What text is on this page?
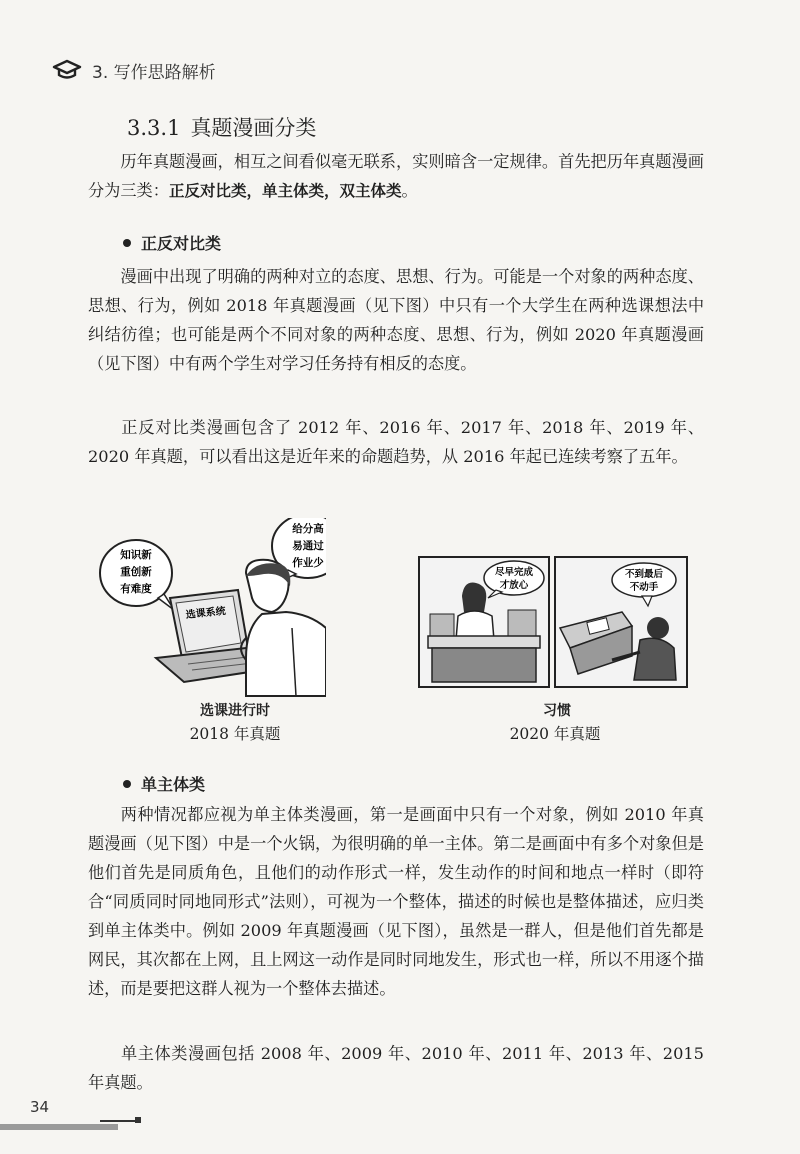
3. 写作思路解析
3.3.1 真题漫画分类

历年真题漫画，相互之间看似毫无联系，实则暗含一定规律。首先把历年真题漫画分为三类：正反对比类，单主体类，双主体类。

正反对比类

漫画中出现了明确的两种对立的态度、思想、行为。可能是一个对象的两种态度、思想、行为，例如 2018 年真题漫画（见下图）中只有一个大学生在两种选课想法中纠结彷徨；也可能是两个不同对象的两种态度、思想、行为，例如 2020 年真题漫画（见下图）中有两个学生对学习任务持有相反的态度。

正反对比类漫画包含了 2012 年、2016 年、2017 年、2018 年、2019 年、2020 年真题，可以看出这是近年来的命题趋势，从 2016 年起已连续考察了五年。

知识新
重创新
有难度
给分高
易通过
作业少
选课系统
选课进行时
2018 年真题
尽早完成
才放心
不到最后
不动手
习惯
2020 年真题
单主体类

两种情况都应视为单主体类漫画，第一是画面中只有一个对象，例如 2010 年真题漫画（见下图）中是一个火锅，为很明确的单一主体。第二是画面中有多个对象但是他们首先是同质角色，且他们的动作形式一样，发生动作的时间和地点一样时（即符合“同质同时同地同形式”法则），可视为一个整体，描述的时候也是整体描述，应归类到单主体类中。例如 2009 年真题漫画（见下图），虽然是一群人，但是他们首先都是网民，其次都在上网，且上网这一动作是同时同地发生，形式也一样，所以不用逐个描述，而是要把这群人视为一个整体去描述。

单主体类漫画包括 2008 年、2009 年、2010 年、2011 年、2013 年、2015 年真题。

34
